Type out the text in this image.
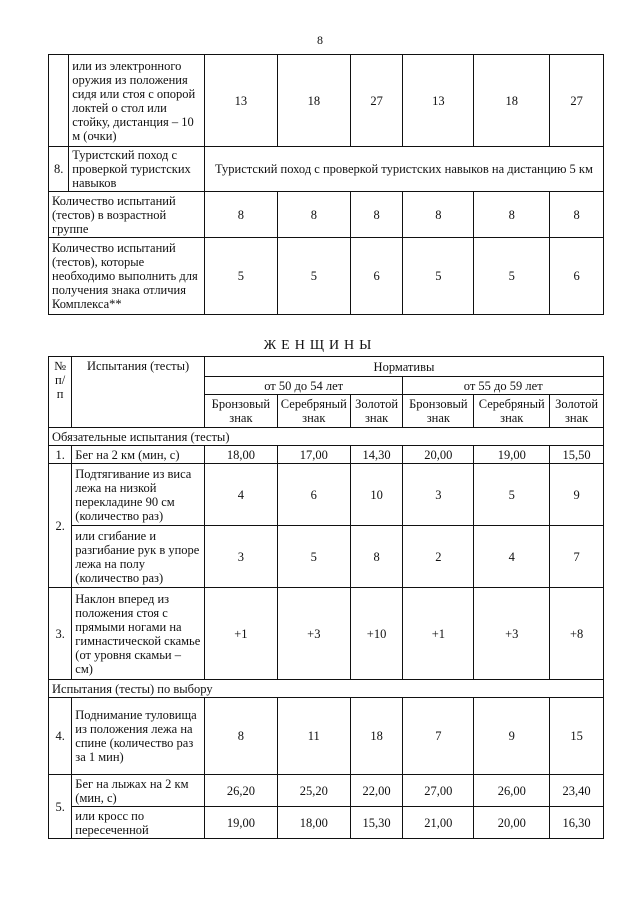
8
	или из электронного оружия из положения сидя или стоя с опорой локтей о стол или стойку, дистанция – 10 м (очки)	13	18	27	13	18	27
8.	Туристский поход с проверкой туристских навыков	Туристский поход с проверкой туристских навыков на дистанцию 5 км					
Количество испытаний (тестов) в возрастной группе		8	8	8	8	8	8
Количество испытаний (тестов), которые необходимо выполнить для получения знака отличия Комплекса**		5	5	6	5	5	6
ЖЕНЩИНЫ
№ п/п	Испытания (тесты)	Нормативы					
		от 50 до 54 лет			от 55 до 59 лет		
		Бронзовый знак	Серебряный знак	Золотой знак	Бронзовый знак	Серебряный знак	Золотой знак
Обязательные испытания (тесты)							
1.	Бег на 2 км (мин, с)	18,00	17,00	14,30	20,00	19,00	15,50
2.	Подтягивание из виса лежа на низкой перекладине 90 см (количество раз)	4	6	10	3	5	9
	или сгибание и разгибание рук в упоре лежа на полу (количество раз)	3	5	8	2	4	7
3.	Наклон вперед из положения стоя с прямыми ногами на гимнастической скамье (от уровня скамьи – см)	+1	+3	+10	+1	+3	+8
Испытания (тесты) по выбору							
4.	Поднимание туловища из положения лежа на спине (количество раз за 1 мин)	8	11	18	7	9	15
5.	Бег на лыжах на 2 км (мин, с)	26,20	25,20	22,00	27,00	26,00	23,40
	или кросс по пересеченной	19,00	18,00	15,30	21,00	20,00	16,30
